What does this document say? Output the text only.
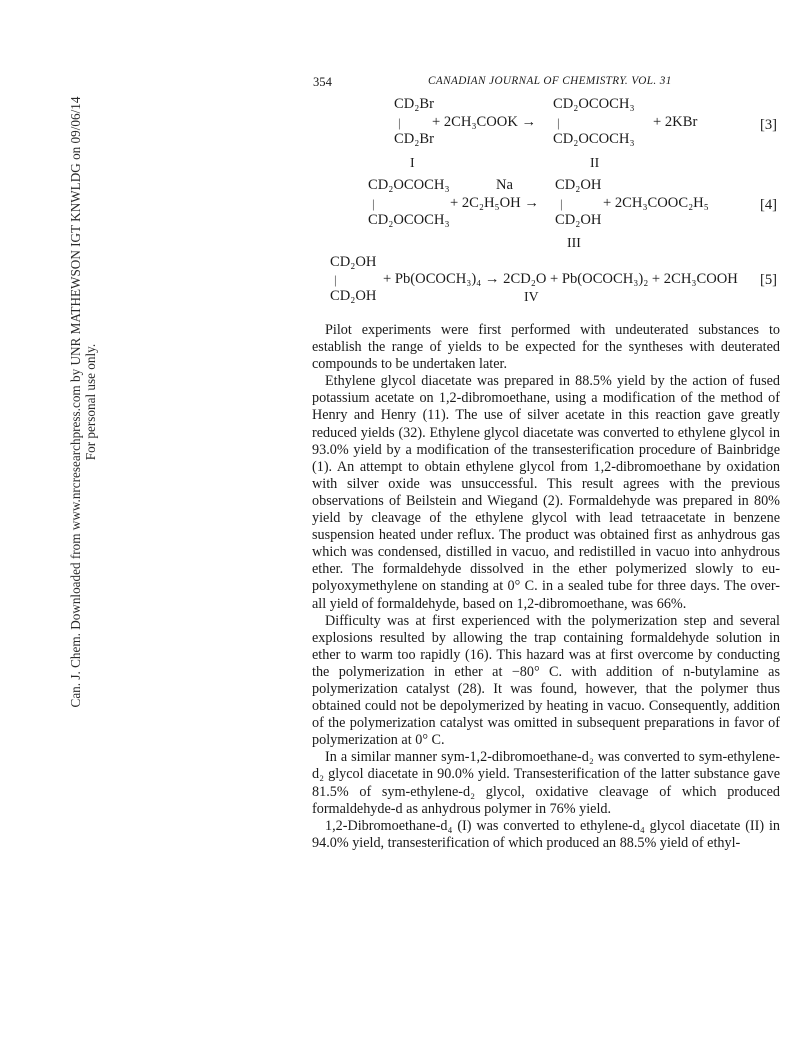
Can. J. Chem. Downloaded from www.nrcresearchpress.com by UNR MATHEWSON IGT KNWLDG on 09/06/14 For personal use only.
354	CANADIAN JOURNAL OF CHEMISTRY. VOL. 31
CD₂Br
|
CD₂Br
+ 2CH₃COOK →
CD₂OCOCH₃
|
CD₂OCOCH₃
+ 2KBr	[3]
I	II
CD₂OCOCH₃
|
CD₂OCOCH₃
Na
+ 2C₂H₅OH →
CD₂OH
|
CD₂OH
+ 2CH₃COOC₂H₅	[4]
III
CD₂OH
|
CD₂OH
+ Pb(OCOCH₃)₄ → 2CD₂O + Pb(OCOCH₃)₂ + 2CH₃COOH [5]
IV

Pilot experiments were first performed with undeuterated substances to establish the range of yields to be expected for the syntheses with deuterated compounds to be undertaken later.

Ethylene glycol diacetate was prepared in 88.5% yield by the action of fused potassium acetate on 1,2-dibromoethane, using a modification of the method of Henry and Henry (11). The use of silver acetate in this reaction gave greatly reduced yields (32). Ethylene glycol diacetate was converted to ethylene glycol in 93.0% yield by a modification of the transesterification procedure of Bainbridge (1). An attempt to obtain ethylene glycol from 1,2-dibromoethane by oxidation with silver oxide was unsuccessful. This result agrees with the previous observations of Beilstein and Wiegand (2). Formaldehyde was prepared in 80% yield by cleavage of the ethylene glycol with lead tetraacetate in benzene suspension heated under reflux. The product was obtained first as anhydrous gas which was condensed, distilled in vacuo, and redistilled in vacuo into anhydrous ether. The formaldehyde dissolved in the ether polymerized slowly to eu-polyoxymethylene on standing at 0° C. in a sealed tube for three days. The over-all yield of formaldehyde, based on 1,2-dibromoethane, was 66%.

Difficulty was at first experienced with the polymerization step and several explosions resulted by allowing the trap containing formaldehyde solution in ether to warm too rapidly (16). This hazard was at first overcome by conducting the polymerization in ether at −80° C. with addition of n-butylamine as polymerization catalyst (28). It was found, however, that the polymer thus obtained could not be depolymerized by heating in vacuo. Consequently, addition of the polymerization catalyst was omitted in subsequent preparations in favor of polymerization at 0° C.

In a similar manner sym-1,2-dibromoethane-d₂ was converted to sym-ethylene-d₂ glycol diacetate in 90.0% yield. Transesterification of the latter substance gave 81.5% of sym-ethylene-d₂ glycol, oxidative cleavage of which produced formaldehyde-d as anhydrous polymer in 76% yield.

1,2-Dibromoethane-d₄ (I) was converted to ethylene-d₄ glycol diacetate (II) in 94.0% yield, transesterification of which produced an 88.5% yield of ethyl-
